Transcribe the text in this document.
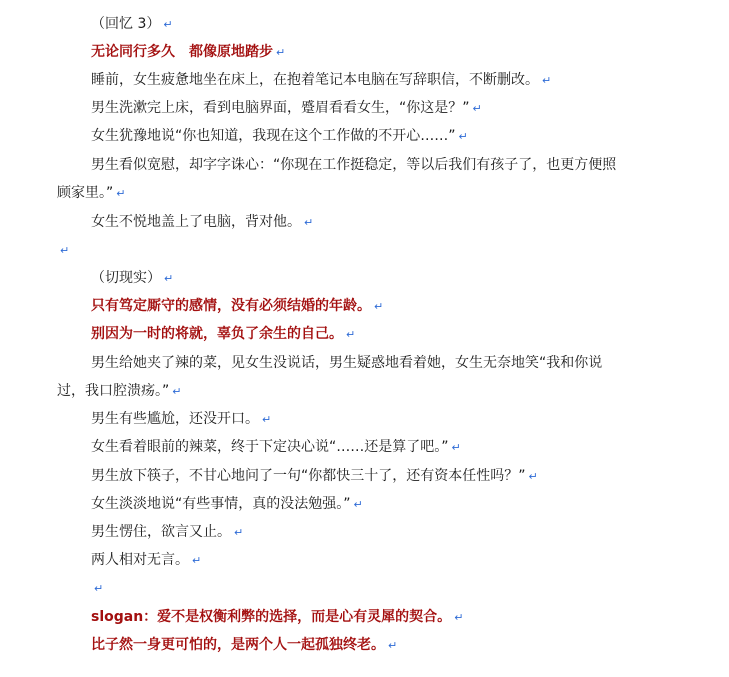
（回忆 3） ↵
无论同行多久　都像原地踏步 ↵
睡前，女生疲惫地坐在床上，在抱着笔记本电脑在写辞职信，不断删改。 ↵
男生洗漱完上床，看到电脑界面，蹙眉看看女生，“你这是？” ↵
女生犹豫地说“你也知道，我现在这个工作做的不开心……” ↵
男生看似宽慰，却字字诛心：“你现在工作挺稳定，等以后我们有孩子了，也更方便照
顾家里。” ↵
女生不悦地盖上了电脑，背对他。 ↵
↵
（切现实） ↵
只有笃定厮守的感情，没有必须结婚的年龄。 ↵
别因为一时的将就，辜负了余生的自己。 ↵
男生给她夹了辣的菜，见女生没说话，男生疑惑地看着她，女生无奈地笑“我和你说
过，我口腔溃疡。” ↵
男生有些尴尬，还没开口。 ↵
女生看着眼前的辣菜，终于下定决心说“……还是算了吧。” ↵
男生放下筷子，不甘心地问了一句“你都快三十了，还有资本任性吗？” ↵
女生淡淡地说“有些事情，真的没法勉强。” ↵
男生愣住，欲言又止。 ↵
两人相对无言。 ↵
↵
slogan：爱不是权衡利弊的选择，而是心有灵犀的契合。 ↵
比子然一身更可怕的，是两个人一起孤独终老。 ↵
